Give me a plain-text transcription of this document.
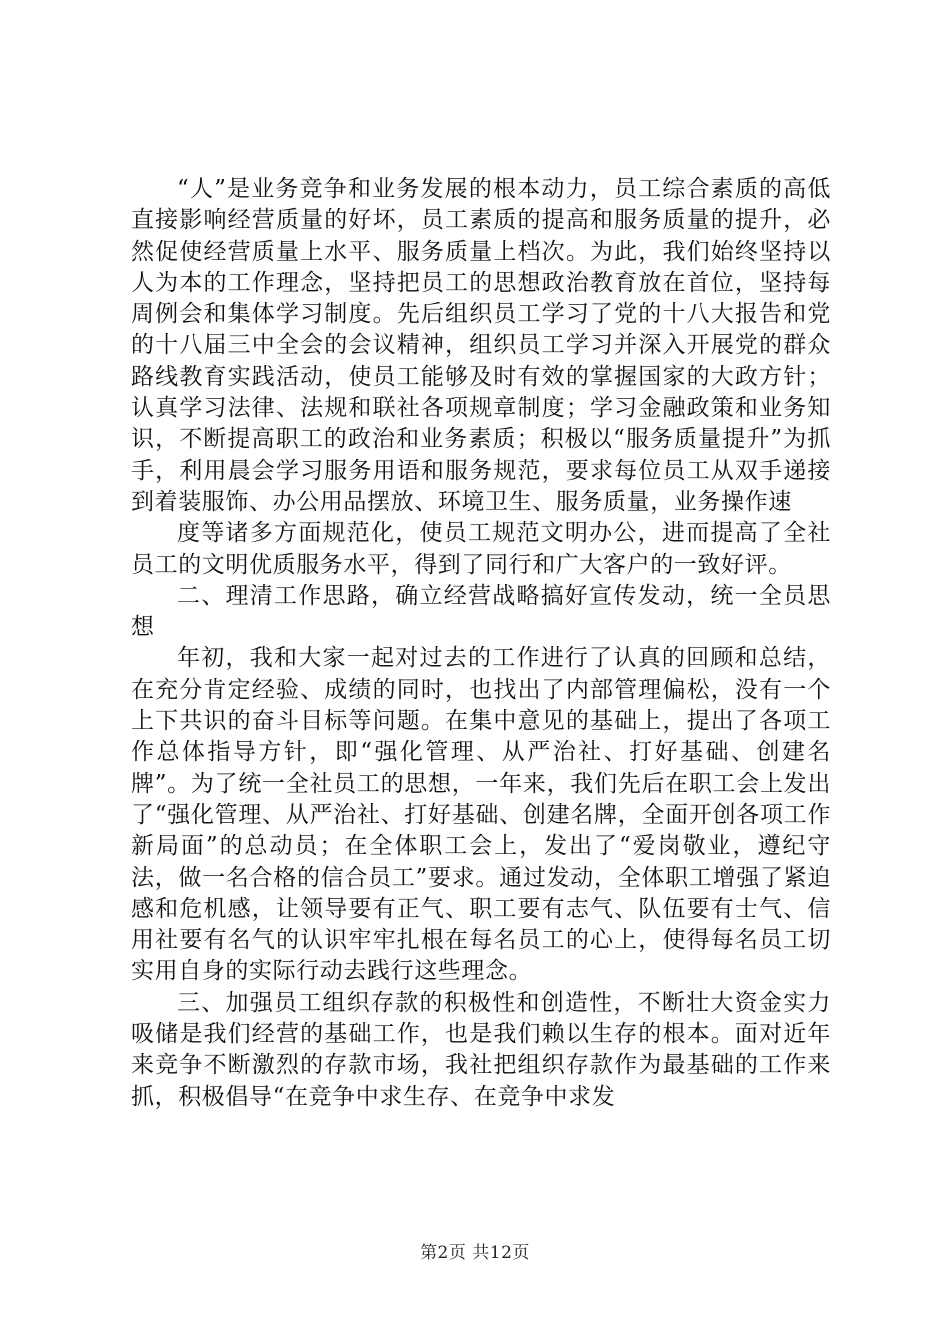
“人”是业务竞争和业务发展的根本动力，员工综合素质的高低直接影响经营质量的好坏，员工素质的提高和服务质量的提升，必然促使经营质量上水平、服务质量上档次。为此，我们始终坚持以人为本的工作理念，坚持把员工的思想政治教育放在首位，坚持每周例会和集体学习制度。先后组织员工学习了党的十八大报告和党的十八届三中全会的会议精神，组织员工学习并深入开展党的群众路线教育实践活动，使员工能够及时有效的掌握国家的大政方针；认真学习法律、法规和联社各项规章制度；学习金融政策和业务知识，不断提高职工的政治和业务素质；积极以“服务质量提升”为抓手，利用晨会学习服务用语和服务规范，要求每位员工从双手递接到着装服饰、办公用品摆放、环境卫生、服务质量，业务操作速

度等诸多方面规范化，使员工规范文明办公，进而提高了全社员工的文明优质服务水平，得到了同行和广大客户的一致好评。

二、理清工作思路，确立经营战略搞好宣传发动，统一全员思想

年初，我和大家一起对过去的工作进行了认真的回顾和总结，在充分肯定经验、成绩的同时，也找出了内部管理偏松，没有一个上下共识的奋斗目标等问题。在集中意见的基础上，提出了各项工作总体指导方针，即“强化管理、从严治社、打好基础、创建名牌”。为了统一全社员工的思想，一年来，我们先后在职工会上发出了“强化管理、从严治社、打好基础、创建名牌，全面开创各项工作新局面”的总动员；在全体职工会上，发出了“爱岗敬业，遵纪守法，做一名合格的信合员工”要求。通过发动，全体职工增强了紧迫感和危机感，让领导要有正气、职工要有志气、队伍要有士气、信用社要有名气的认识牢牢扎根在每名员工的心上，使得每名员工切实用自身的实际行动去践行这些理念。

三、加强员工组织存款的积极性和创造性，不断壮大资金实力吸储是我们经营的基础工作，也是我们赖以生存的根本。面对近年来竞争不断激烈的存款市场，我社把组织存款作为最基础的工作来抓，积极倡导“在竞争中求生存、在竞争中求发

第2页 共12页
